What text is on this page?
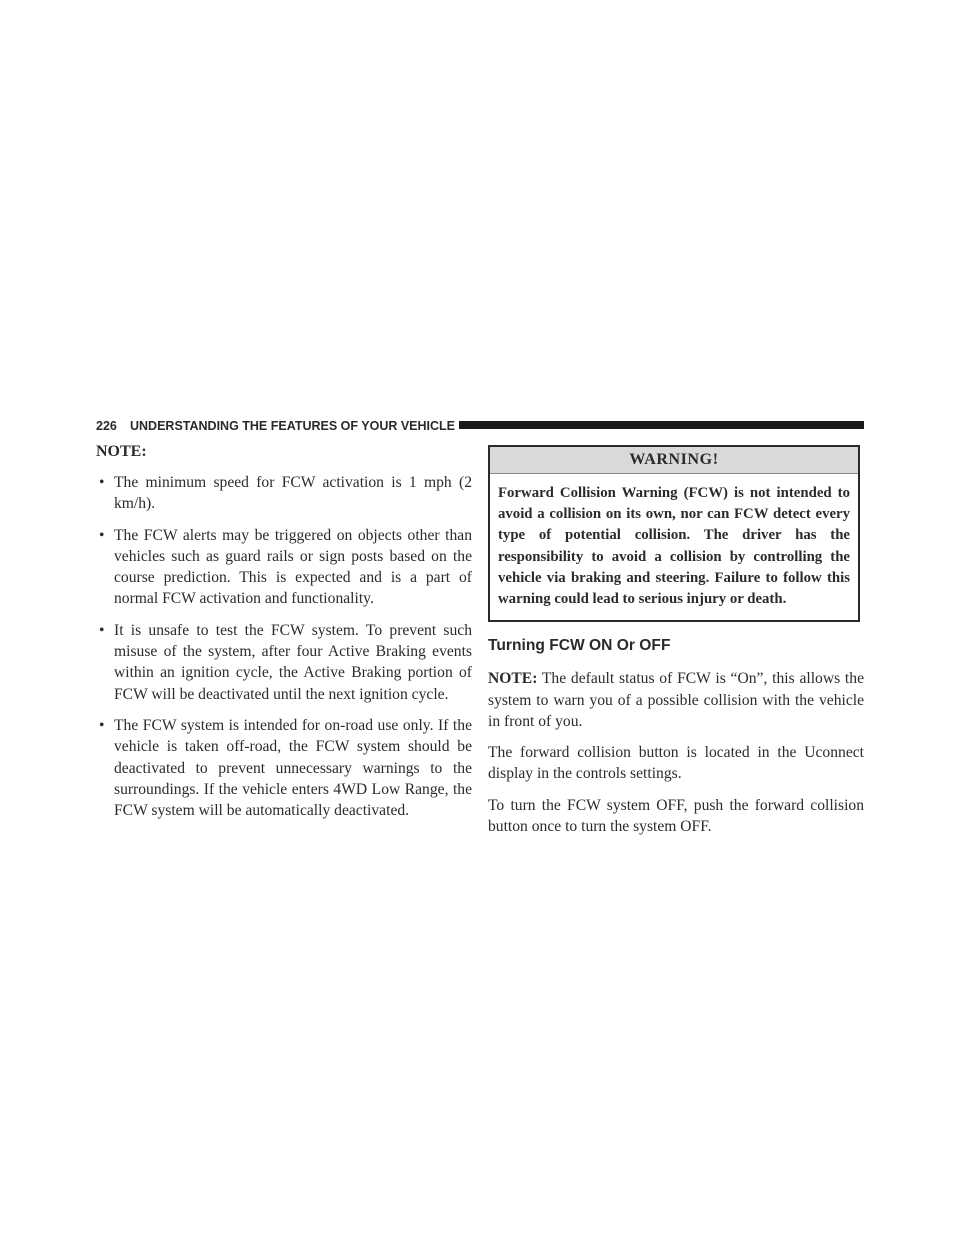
226 UNDERSTANDING THE FEATURES OF YOUR VEHICLE
NOTE:
• The minimum speed for FCW activation is 1 mph (2 km/h).
• The FCW alerts may be triggered on objects other than vehicles such as guard rails or sign posts based on the course prediction. This is expected and is a part of normal FCW activation and functionality.
• It is unsafe to test the FCW system. To prevent such misuse of the system, after four Active Braking events within an ignition cycle, the Active Braking portion of FCW will be deactivated until the next ignition cycle.
• The FCW system is intended for on-road use only. If the vehicle is taken off-road, the FCW system should be deactivated to prevent unnecessary warnings to the surroundings. If the vehicle enters 4WD Low Range, the FCW system will be automatically deactivated.
WARNING!
Forward Collision Warning (FCW) is not intended to avoid a collision on its own, nor can FCW detect every type of potential collision. The driver has the responsibility to avoid a collision by controlling the vehicle via braking and steering. Failure to follow this warning could lead to serious injury or death.
Turning FCW ON Or OFF

NOTE: The default status of FCW is “On”, this allows the system to warn you of a possible collision with the vehicle in front of you.

The forward collision button is located in the Uconnect display in the controls settings.

To turn the FCW system OFF, push the forward collision button once to turn the system OFF.
